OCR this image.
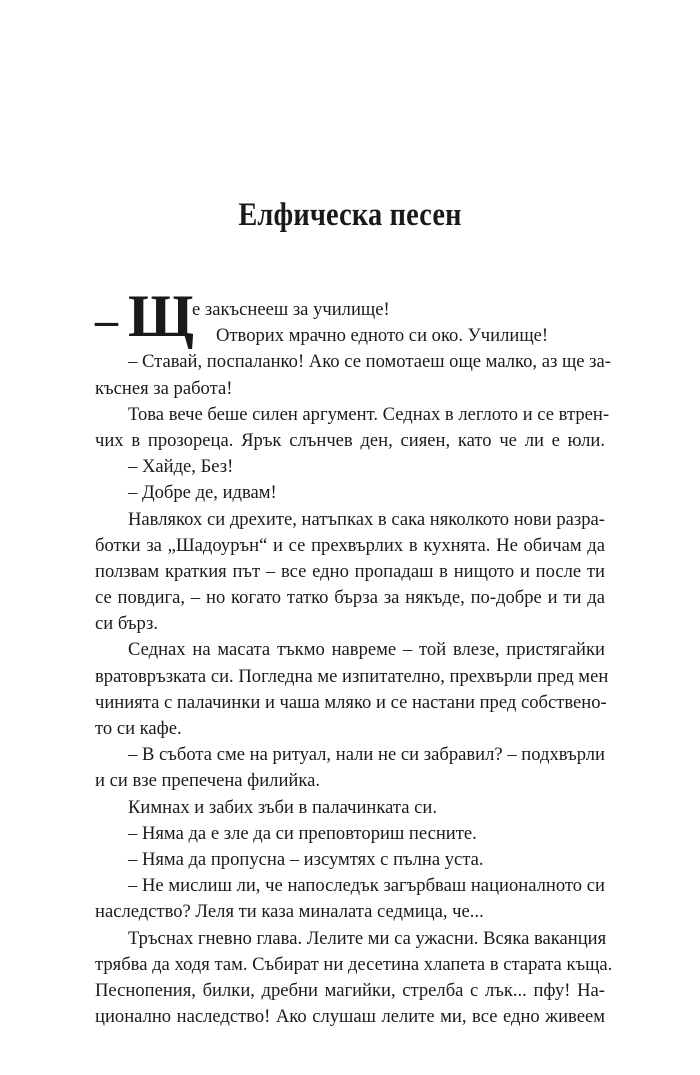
Елфическа песен
– Щ е закъснееш за училище!
Отворих мрачно едното си око. Училище!
– Ставай, поспаланко! Ако се помотаеш още малко, аз ще за-
къснея за работа!
Това вече беше силен аргумент. Седнах в леглото и се втрен-
чих в прозореца. Ярък слънчев ден, сияен, като че ли е юли.
– Хайде, Без!
– Добре де, идвам!
Навлякох си дрехите, натъпках в сака няколкото нови разра-
ботки за „Шадоурън“ и се прехвърлих в кухнята. Не обичам да
ползвам краткия път – все едно пропадаш в нищото и после ти
се повдига, – но когато татко бърза за някъде, по-добре и ти да
си бърз.
Седнах на масата тъкмо навреме – той влезе, пристягайки
вратовръзката си. Погледна ме изпитателно, прехвърли пред мен
чинията с палачинки и чаша мляко и се настани пред собствено-
то си кафе.
– В събота сме на ритуал, нали не си забравил? – подхвърли
и си взе препечена филийка.
Кимнах и забих зъби в палачинката си.
– Няма да е зле да си преповториш песните.
– Няма да пропусна – изсумтях с пълна уста.
– Не мислиш ли, че напоследък загърбваш националното си
наследство? Леля ти каза миналата седмица, че...
Тръснах гневно глава. Лелите ми са ужасни. Всяка ваканция
трябва да ходя там. Събират ни десетина хлапета в старата къща.
Песнопения, билки, дребни магийки, стрелба с лък... пфу! На-
ционално наследство! Ако слушаш лелите ми, все едно живеем
